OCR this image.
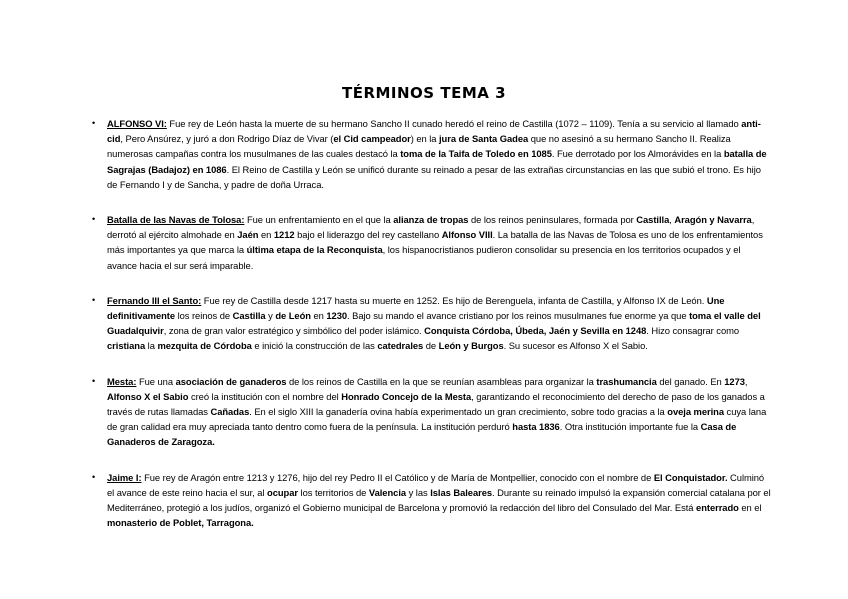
TÉRMINOS TEMA 3
• ALFONSO VI: Fue rey de León hasta la muerte de su hermano Sancho II cunado heredó el reino de Castilla (1072 – 1109). Tenía a su servicio al llamado anti-cid, Pero Ansúrez, y juró a don Rodrigo Díaz de Vivar (el Cid campeador) en la jura de Santa Gadea que no asesinó a su hermano Sancho II. Realiza numerosas campañas contra los musulmanes de las cuales destacó la toma de la Taifa de Toledo en 1085. Fue derrotado por los Almorávides en la batalla de Sagrajas (Badajoz) en 1086. El Reino de Castilla y León se unificó durante su reinado a pesar de las extrañas circunstancias en las que subió el trono. Es hijo de Fernando I y de Sancha, y padre de doña Urraca.
• Batalla de las Navas de Tolosa: Fue un enfrentamiento en el que la alianza de tropas de los reinos peninsulares, formada por Castilla, Aragón y Navarra, derrotó al ejército almohade en Jaén en 1212 bajo el liderazgo del rey castellano Alfonso VIII. La batalla de las Navas de Tolosa es uno de los enfrentamientos más importantes ya que marca la última etapa de la Reconquista, los hispanocristianos pudieron consolidar su presencia en los territorios ocupados y el avance hacia el sur será imparable.
• Fernando III el Santo: Fue rey de Castilla desde 1217 hasta su muerte en 1252. Es hijo de Berenguela, infanta de Castilla, y Alfonso IX de León. Une definitivamente los reinos de Castilla y de León en 1230. Bajo su mando el avance cristiano por los reinos musulmanes fue enorme ya que toma el valle del Guadalquivir, zona de gran valor estratégico y simbólico del poder islámico. Conquista Córdoba, Úbeda, Jaén y Sevilla en 1248. Hizo consagrar como cristiana la mezquita de Córdoba e inició la construcción de las catedrales de León y Burgos. Su sucesor es Alfonso X el Sabio.
• Mesta: Fue una asociación de ganaderos de los reinos de Castilla en la que se reunían asambleas para organizar la trashumancia del ganado. En 1273, Alfonso X el Sabio creó la institución con el nombre del Honrado Concejo de la Mesta, garantizando el reconocimiento del derecho de paso de los ganados a través de rutas llamadas Cañadas. En el siglo XIII la ganadería ovina había experimentado un gran crecimiento, sobre todo gracias a la oveja merina cuya lana de gran calidad era muy apreciada tanto dentro como fuera de la península. La institución perduró hasta 1836. Otra institución importante fue la Casa de Ganaderos de Zaragoza.
• Jaime I: Fue rey de Aragón entre 1213 y 1276, hijo del rey Pedro II el Católico y de María de Montpellier, conocido con el nombre de El Conquistador. Culminó el avance de este reino hacia el sur, al ocupar los territorios de Valencia y las Islas Baleares. Durante su reinado impulsó la expansión comercial catalana por el Mediterráneo, protegió a los judíos, organizó el Gobierno municipal de Barcelona y promovió la redacción del libro del Consulado del Mar. Está enterrado en el monasterio de Poblet, Tarragona.
